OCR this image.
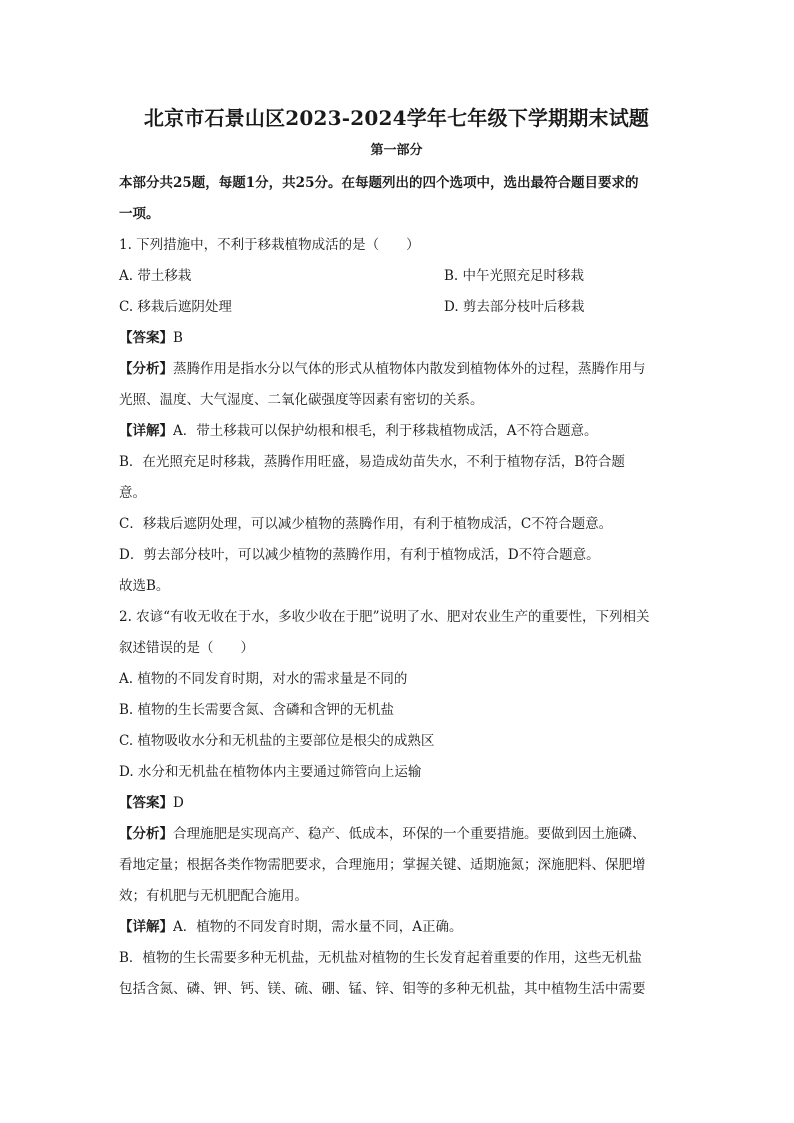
北京市石景山区2023-2024学年七年级下学期期末试题
第一部分
本部分共25题，每题1分，共25分。在每题列出的四个选项中，选出最符合题目要求的
一项。
1. 下列措施中，不利于移栽植物成活的是（　　）
A. 带土移栽	B. 中午光照充足时移栽
C. 移栽后遮阴处理	D. 剪去部分枝叶后移栽
【答案】B
【分析】蒸腾作用是指水分以气体的形式从植物体内散发到植物体外的过程，蒸腾作用与
光照、温度、大气湿度、二氧化碳强度等因素有密切的关系。
【详解】A．带土移栽可以保护幼根和根毛，利于移栽植物成活，A不符合题意。
B．在光照充足时移栽，蒸腾作用旺盛，易造成幼苗失水，不利于植物存活，B符合题
意。
C．移栽后遮阴处理，可以减少植物的蒸腾作用，有利于植物成活，C不符合题意。
D．剪去部分枝叶，可以减少植物的蒸腾作用，有利于植物成活，D不符合题意。
故选B。
2. 农谚“有收无收在于水，多收少收在于肥”说明了水、肥对农业生产的重要性，下列相关
叙述错误的是（　　）
A. 植物的不同发育时期，对水的需求量是不同的
B. 植物的生长需要含氮、含磷和含钾的无机盐
C. 植物吸收水分和无机盐的主要部位是根尖的成熟区
D. 水分和无机盐在植物体内主要通过筛管向上运输
【答案】D
【分析】合理施肥是实现高产、稳产、低成本，环保的一个重要措施。要做到因土施磷、
看地定量；根据各类作物需肥要求，合理施用；掌握关键、适期施氮；深施肥料、保肥增
效；有机肥与无机肥配合施用。
【详解】A．植物的不同发育时期，需水量不同，A正确。
B．植物的生长需要多种无机盐，无机盐对植物的生长发育起着重要的作用，这些无机盐
包括含氮、磷、钾、钙、镁、硫、硼、锰、锌、钼等的多种无机盐，其中植物生活中需要
